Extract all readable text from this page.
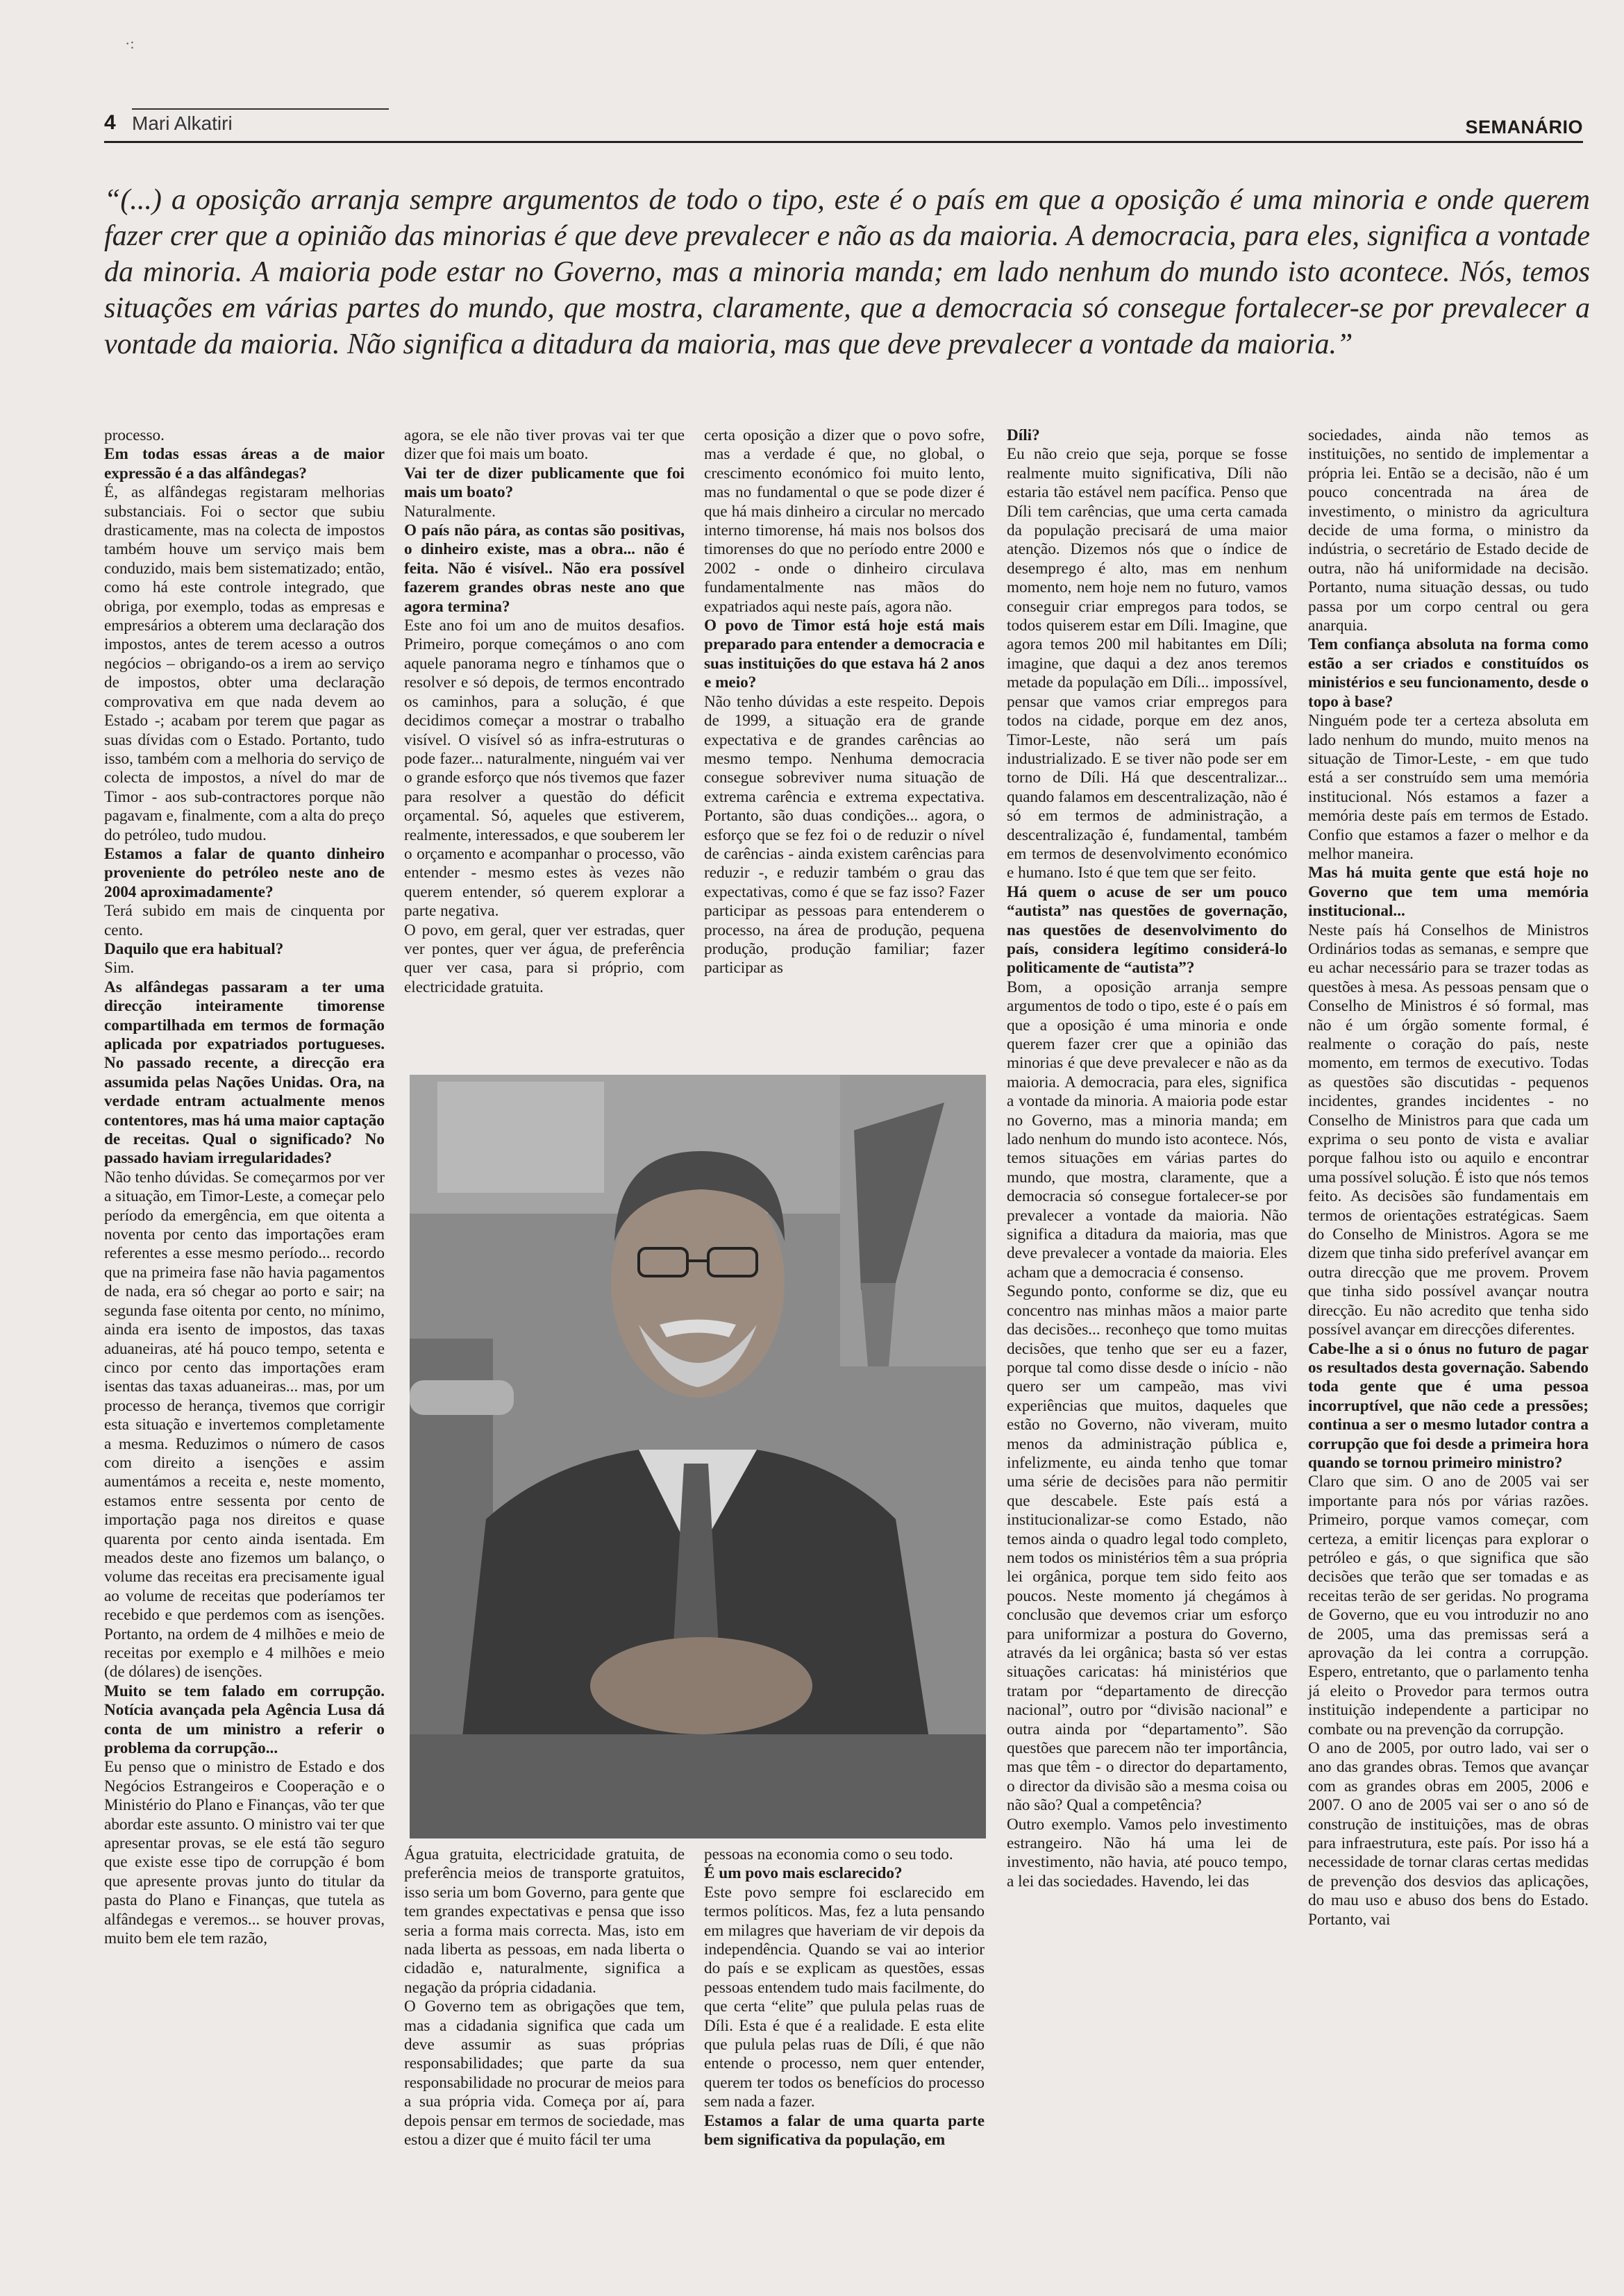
·:
4 Mari Alkatiri	SEMANÁRIO

“(...) a oposição arranja sempre argumentos de todo o tipo, este é o país em que a oposição é uma minoria e onde querem fazer crer que a opinião das minorias é que deve prevalecer e não as da maioria. A democracia, para eles, significa a vontade da minoria. A maioria pode estar no Governo, mas a minoria manda; em lado nenhum do mundo isto acontece. Nós, temos situações em várias partes do mundo, que mostra, claramente, que a democracia só consegue fortalecer-se por prevalecer a vontade da maioria. Não significa a ditadura da maioria, mas que deve prevalecer a vontade da maioria.”

processo.

Em todas essas áreas a de maior expressão é a das alfândegas?

É, as alfândegas registaram melhorias substanciais. Foi o sector que subiu drasticamente, mas na colecta de impostos também houve um serviço mais bem conduzido, mais bem sistematizado; então, como há este controle integrado, que obriga, por exemplo, todas as empresas e empresários a obterem uma declaração dos impostos, antes de terem acesso a outros negócios – obrigando-os a irem ao serviço de impostos, obter uma declaração comprovativa em que nada devem ao Estado -; acabam por terem que pagar as suas dívidas com o Estado. Portanto, tudo isso, também com a melhoria do serviço de colecta de impostos, a nível do mar de Timor - aos sub-contractores porque não pagavam e, finalmente, com a alta do preço do petróleo, tudo mudou.

Estamos a falar de quanto dinheiro proveniente do petróleo neste ano de 2004 aproximadamente?

Terá subido em mais de cinquenta por cento.

Daquilo que era habitual?

Sim.

As alfândegas passaram a ter uma direcção inteiramente timorense compartilhada em termos de formação aplicada por expatriados portugueses. No passado recente, a direcção era assumida pelas Nações Unidas. Ora, na verdade entram actualmente menos contentores, mas há uma maior captação de receitas. Qual o significado? No passado haviam irregularidades?

Não tenho dúvidas. Se começarmos por ver a situação, em Timor-Leste, a começar pelo período da emergência, em que oitenta a noventa por cento das importações eram referentes a esse mesmo período... recordo que na primeira fase não havia pagamentos de nada, era só chegar ao porto e sair; na segunda fase oitenta por cento, no mínimo, ainda era isento de impostos, das taxas aduaneiras, até há pouco tempo, setenta e cinco por cento das importações eram isentas das taxas aduaneiras... mas, por um processo de herança, tivemos que corrigir esta situação e invertemos completamente a mesma. Reduzimos o número de casos com direito a isenções e assim aumentámos a receita e, neste momento, estamos entre sessenta por cento de importação paga nos direitos e quase quarenta por cento ainda isentada. Em meados deste ano fizemos um balanço, o volume das receitas era precisamente igual ao volume de receitas que poderíamos ter recebido e que perdemos com as isenções. Portanto, na ordem de 4 milhões e meio de receitas por exemplo e 4 milhões e meio (de dólares) de isenções.

Muito se tem falado em corrupção. Notícia avançada pela Agência Lusa dá conta de um ministro a referir o problema da corrupção...

Eu penso que o ministro de Estado e dos Negócios Estrangeiros e Cooperação e o Ministério do Plano e Finanças, vão ter que abordar este assunto. O ministro vai ter que apresentar provas, se ele está tão seguro que existe esse tipo de corrupção é bom que apresente provas junto do titular da pasta do Plano e Finanças, que tutela as alfândegas e veremos... se houver provas, muito bem ele tem razão,

agora, se ele não tiver provas vai ter que dizer que foi mais um boato.

Vai ter de dizer publicamente que foi mais um boato?

Naturalmente.

O país não pára, as contas são positivas, o dinheiro existe, mas a obra... não é feita. Não é visível.. Não era possível fazerem grandes obras neste ano que agora termina?

Este ano foi um ano de muitos desafios. Primeiro, porque começámos o ano com aquele panorama negro e tínhamos que o resolver e só depois, de termos encontrado os caminhos, para a solução, é que decidimos começar a mostrar o trabalho visível. O visível só as infra-estruturas o pode fazer... naturalmente, ninguém vai ver o grande esforço que nós tivemos que fazer para resolver a questão do déficit orçamental. Só, aqueles que estiverem, realmente, interessados, e que souberem ler o orçamento e acompanhar o processo, vão entender - mesmo estes às vezes não querem entender, só querem explorar a parte negativa.

O povo, em geral, quer ver estradas, quer ver pontes, quer ver água, de preferência quer ver casa, para si próprio, com electricidade gratuita.

Água gratuita, electricidade gratuita, de preferência meios de transporte gratuitos, isso seria um bom Governo, para gente que tem grandes expectativas e pensa que isso seria a forma mais correcta. Mas, isto em nada liberta as pessoas, em nada liberta o cidadão e, naturalmente, significa a negação da própria cidadania.

O Governo tem as obrigações que tem, mas a cidadania significa que cada um deve assumir as suas próprias responsabilidades; que parte da sua responsabilidade no procurar de meios para a sua própria vida. Começa por aí, para depois pensar em termos de sociedade, mas estou a dizer que é muito fácil ter uma

certa oposição a dizer que o povo sofre, mas a verdade é que, no global, o crescimento económico foi muito lento, mas no fundamental o que se pode dizer é que há mais dinheiro a circular no mercado interno timorense, há mais nos bolsos dos timorenses do que no período entre 2000 e 2002 - onde o dinheiro circulava fundamentalmente nas mãos do expatriados aqui neste país, agora não.

O povo de Timor está hoje está mais preparado para entender a democracia e suas instituições do que estava há 2 anos e meio?

Não tenho dúvidas a este respeito. Depois de 1999, a situação era de grande expectativa e de grandes carências ao mesmo tempo. Nenhuma democracia consegue sobreviver numa situação de extrema carência e extrema expectativa. Portanto, são duas condições... agora, o esforço que se fez foi o de reduzir o nível de carências - ainda existem carências para reduzir -, e reduzir também o grau das expectativas, como é que se faz isso? Fazer participar as pessoas para entenderem o processo, na área de produção, pequena produção, produção familiar; fazer participar as

pessoas na economia como o seu todo.

É um povo mais esclarecido?

Este povo sempre foi esclarecido em termos políticos. Mas, fez a luta pensando em milagres que haveriam de vir depois da independência. Quando se vai ao interior do país e se explicam as questões, essas pessoas entendem tudo mais facilmente, do que certa “elite” que pulula pelas ruas de Díli. Esta é que é a realidade. E esta elite que pulula pelas ruas de Díli, é que não entende o processo, nem quer entender, querem ter todos os benefícios do processo sem nada a fazer.

Estamos a falar de uma quarta parte bem significativa da população, em

Díli?

Eu não creio que seja, porque se fosse realmente muito significativa, Díli não estaria tão estável nem pacífica. Penso que Díli tem carências, que uma certa camada da população precisará de uma maior atenção. Dizemos nós que o índice de desemprego é alto, mas em nenhum momento, nem hoje nem no futuro, vamos conseguir criar empregos para todos, se todos quiserem estar em Díli. Imagine, que agora temos 200 mil habitantes em Díli; imagine, que daqui a dez anos teremos metade da população em Díli... impossível, pensar que vamos criar empregos para todos na cidade, porque em dez anos, Timor-Leste, não será um país industrializado. E se tiver não pode ser em torno de Díli. Há que descentralizar... quando falamos em descentralização, não é só em termos de administração, a descentralização é, fundamental, também em termos de desenvolvimento económico e humano. Isto é que tem que ser feito.

Há quem o acuse de ser um pouco “autista” nas questões de governação, nas questões de desenvolvimento do país, considera legítimo considerá-lo politicamente de “autista”?

Bom, a oposição arranja sempre argumentos de todo o tipo, este é o país em que a oposição é uma minoria e onde querem fazer crer que a opinião das minorias é que deve prevalecer e não as da maioria. A democracia, para eles, significa a vontade da minoria. A maioria pode estar no Governo, mas a minoria manda; em lado nenhum do mundo isto acontece. Nós, temos situações em várias partes do mundo, que mostra, claramente, que a democracia só consegue fortalecer-se por prevalecer a vontade da maioria. Não significa a ditadura da maioria, mas que deve prevalecer a vontade da maioria. Eles acham que a democracia é consenso.

Segundo ponto, conforme se diz, que eu concentro nas minhas mãos a maior parte das decisões... reconheço que tomo muitas decisões, que tenho que ser eu a fazer, porque tal como disse desde o início - não quero ser um campeão, mas vivi experiências que muitos, daqueles que estão no Governo, não viveram, muito menos da administração pública e, infelizmente, eu ainda tenho que tomar uma série de decisões para não permitir que descabele. Este país está a institucionalizar-se como Estado, não temos ainda o quadro legal todo completo, nem todos os ministérios têm a sua própria lei orgânica, porque tem sido feito aos poucos. Neste momento já chegámos à conclusão que devemos criar um esforço para uniformizar a postura do Governo, através da lei orgânica; basta só ver estas situações caricatas: há ministérios que tratam por “departamento de direcção nacional”, outro por “divisão nacional” e outra ainda por “departamento”. São questões que parecem não ter importância, mas que têm - o director do departamento, o director da divisão são a mesma coisa ou não são? Qual a competência?

Outro exemplo. Vamos pelo investimento estrangeiro. Não há uma lei de investimento, não havia, até pouco tempo, a lei das sociedades. Havendo, lei das

sociedades, ainda não temos as instituições, no sentido de implementar a própria lei. Então se a decisão, não é um pouco concentrada na área de investimento, o ministro da agricultura decide de uma forma, o ministro da indústria, o secretário de Estado decide de outra, não há uniformidade na decisão. Portanto, numa situação dessas, ou tudo passa por um corpo central ou gera anarquia.

Tem confiança absoluta na forma como estão a ser criados e constituídos os ministérios e seu funcionamento, desde o topo à base?

Ninguém pode ter a certeza absoluta em lado nenhum do mundo, muito menos na situação de Timor-Leste, - em que tudo está a ser construído sem uma memória institucional. Nós estamos a fazer a memória deste país em termos de Estado. Confio que estamos a fazer o melhor e da melhor maneira.

Mas há muita gente que está hoje no Governo que tem uma memória institucional...

Neste país há Conselhos de Ministros Ordinários todas as semanas, e sempre que eu achar necessário para se trazer todas as questões à mesa. As pessoas pensam que o Conselho de Ministros é só formal, mas não é um órgão somente formal, é realmente o coração do país, neste momento, em termos de executivo. Todas as questões são discutidas - pequenos incidentes, grandes incidentes - no Conselho de Ministros para que cada um exprima o seu ponto de vista e avaliar porque falhou isto ou aquilo e encontrar uma possível solução. É isto que nós temos feito. As decisões são fundamentais em termos de orientações estratégicas. Saem do Conselho de Ministros. Agora se me dizem que tinha sido preferível avançar em outra direcção que me provem. Provem que tinha sido possível avançar noutra direcção. Eu não acredito que tenha sido possível avançar em direcções diferentes.

Cabe-lhe a si o ónus no futuro de pagar os resultados desta governação. Sabendo toda gente que é uma pessoa incorruptível, que não cede a pressões; continua a ser o mesmo lutador contra a corrupção que foi desde a primeira hora quando se tornou primeiro ministro?

Claro que sim. O ano de 2005 vai ser importante para nós por várias razões. Primeiro, porque vamos começar, com certeza, a emitir licenças para explorar o petróleo e gás, o que significa que são decisões que terão que ser tomadas e as receitas terão de ser geridas. No programa de Governo, que eu vou introduzir no ano de 2005, uma das premissas será a aprovação da lei contra a corrupção. Espero, entretanto, que o parlamento tenha já eleito o Provedor para termos outra instituição independente a participar no combate ou na prevenção da corrupção.

O ano de 2005, por outro lado, vai ser o ano das grandes obras. Temos que avançar com as grandes obras em 2005, 2006 e 2007. O ano de 2005 vai ser o ano só de construção de instituições, mas de obras para infraestrutura, este país. Por isso há a necessidade de tornar claras certas medidas de prevenção dos desvios das aplicações, do mau uso e abuso dos bens do Estado. Portanto, vai
